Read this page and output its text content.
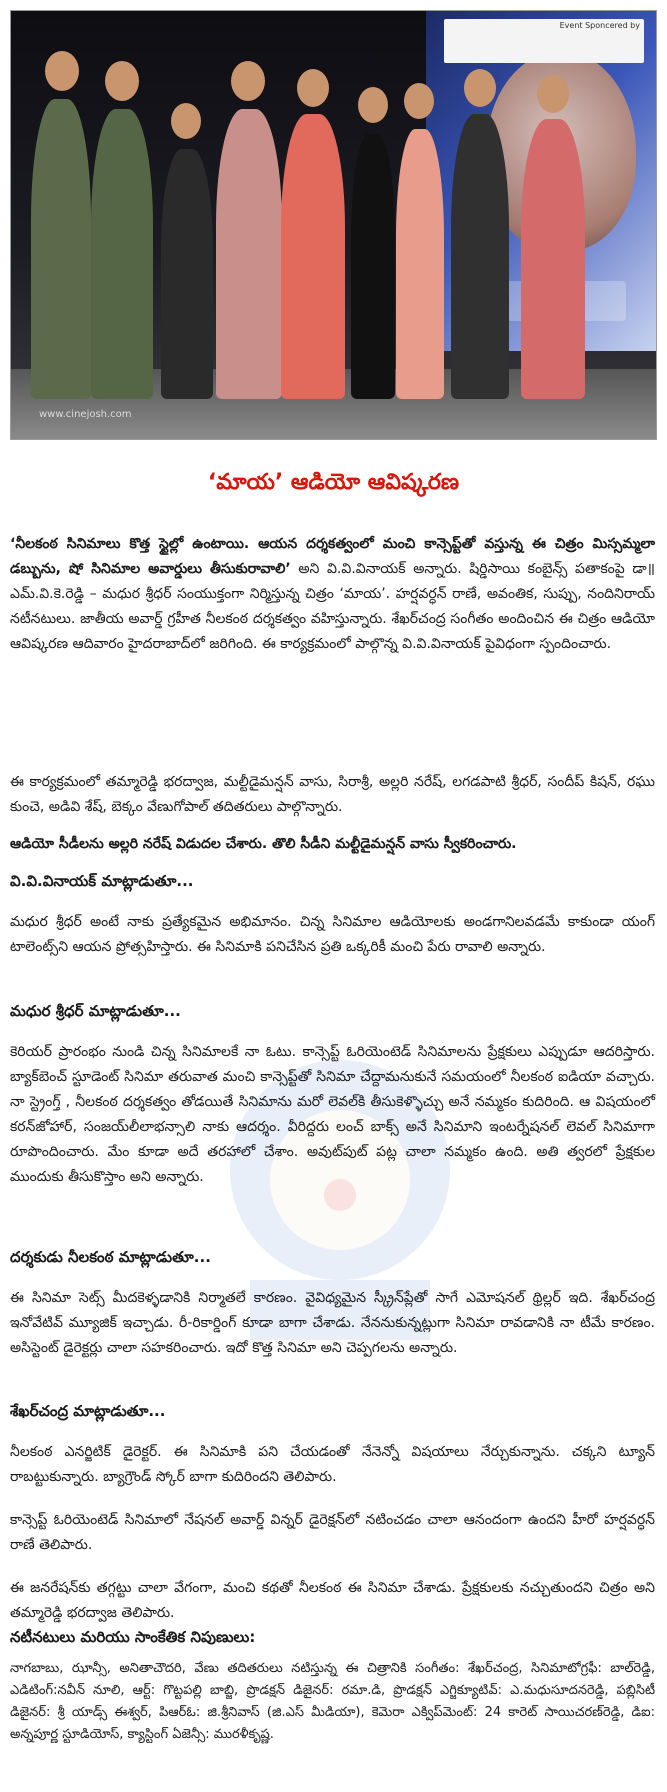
Event Sponcered by
www.cinejosh.com
‘మాయ’ ఆడియో ఆవిష్కరణ
‘నీలకంఠ సినిమాలు కొత్త స్టైల్లో ఉంటాయి. ఆయన దర్శకత్వంలో మంచి కాన్సెప్ట్‌తో వస్తున్న ఈ చిత్రం మిస్సమ్మలా డబ్బును, షో సినిమాల అవార్డులు తీసుకురావాలి’ అని వి.వి.వినాయక్‌ అన్నారు. షిర్డిసాయి కంబైన్స్‌ పతాకంపై డా॥ ఎమ్‌.వి.కె.రెడ్డి – మధుర శ్రీధర్‌ సంయుక్తంగా నిర్మిస్తున్న చిత్రం ‘మాయ’. హర్షవర్ధన్‌ రాణే, అవంతిక, సుప్పు, నందినిరాయ్‌ నటీనటులు. జాతీయ అవార్డ్‌ గ్రహీత నీలకంఠ దర్శకత్వం వహిస్తున్నారు. శేఖర్‌చంద్ర సంగీతం అందించిన ఈ చిత్రం ఆడియో ఆవిష్కరణ ఆదివారం హైదరాబాద్‌లో జరిగింది. ఈ కార్యక్రమంలో పాల్గొన్న వి.వి.వినాయక్‌ పైవిధంగా స్పందించారు.
ఈ కార్యక్రమంలో తమ్మారెడ్డి భరద్వాజ, మల్టీడైమన్షన్‌ వాసు, సిరాశ్రీ, అల్లరి నరేష్‌, లగడపాటి శ్రీధర్‌, సందీప్‌ కిషన్‌, రఘు కుంచె, అడివి శేష్‌, బెక్కం వేణుగోపాల్‌ తదితరులు పాల్గొన్నారు.
ఆడియో సీడీలను అల్లరి నరేష్‌ విడుదల చేశారు. తొలి సీడీని మల్టీడైమన్షన్‌ వాసు స్వీకరించారు.
వి.వి.వినాయక్‌ మాట్లాడుతూ...
మధుర శ్రీధర్‌ అంటే నాకు ప్రత్యేకమైన అభిమానం. చిన్న సినిమాల ఆడియోలకు అండగానిలవడమే కాకుండా యంగ్‌ టాలెంట్స్‌ని ఆయన ప్రోత్సహిస్తారు. ఈ సినిమాకి పనిచేసిన ప్రతి ఒక్కరికీ మంచి పేరు రావాలి అన్నారు.
మధుర శ్రీధర్‌ మాట్లాడుతూ...
కెరియర్‌ ప్రారంభం నుండి చిన్న సినిమాలకే నా ఓటు. కాన్సెప్ట్‌ ఓరియెంటెడ్‌ సినిమాలను ప్రేక్షకులు ఎప్పుడూ ఆదరిస్తారు. బ్యాక్‌బెంచ్‌ స్టూడెంట్‌ సినిమా తరువాత మంచి కాన్సెప్ట్‌తో సినిమా చేద్దామనుకునే సమయంలో నీలకంఠ ఐడియా వచ్చారు. నా స్ట్రెంగ్త్‌ , నీలకంఠ దర్శకత్వం తోడయితే సినిమాను మరో లెవల్‌కి తీసుకెళ్ళొచ్చు అనే నమ్మకం కుదిరింది. ఆ విషయంలో కరన్‌జోహార్‌, సంజయ్‌లీలాభన్సాలి నాకు ఆదర్శం. వీరిద్దరు లంచ్‌ బాక్స్‌ అనే సినిమాని ఇంటర్నేషనల్‌ లెవల్‌ సినిమాగా రూపొందించారు. మేం కూడా అదే తరహాలో చేశాం. అవుట్‌పుట్‌ పట్ల చాలా నమ్మకం ఉంది. అతి త్వరలో ప్రేక్షకుల ముందుకు తీసుకొస్తాం అని అన్నారు.
దర్శకుడు నీలకంఠ మాట్లాడుతూ...
ఈ సినిమా సెట్స్‌ మీదకెళ్ళడానికి నిర్మాతలే కారణం. వైవిధ్యమైన స్క్రీన్‌ప్లేతో సాగే ఎమోషనల్‌ థ్రిల్లర్‌ ఇది. శేఖర్‌చంద్ర ఇనోవేటివ్‌ మ్యూజిక్‌ ఇచ్చాడు. రీ-రికార్డింగ్‌ కూడా బాగా చేశాడు. నేననుకున్నట్లుగా సినిమా రావడానికి నా టీమే కారణం. అసిస్టెంట్‌ డైరెక్టర్లు చాలా సహకరించారు. ఇదో కొత్త సినిమా అని చెప్పగలను అన్నారు.
శేఖర్‌చంద్ర మాట్లాడుతూ...
నీలకంఠ ఎనర్జిటిక్‌ డైరెక్టర్‌. ఈ సినిమాకి పని చేయడంతో నేనెన్నో విషయాలు నేర్చుకున్నాను. చక్కని ట్యూన్‌ రాబట్టుకున్నారు. బ్యాగ్రౌండ్‌ స్కోర్‌ బాగా కుదిరిందని తెలిపారు.
కాన్సెప్ట్‌ ఓరియెంటెడ్‌ సినిమాలో నేషనల్‌ అవార్డ్‌ విన్నర్‌ డైరెక్షన్‌లో నటించడం చాలా ఆనందంగా ఉందని హీరో హర్షవర్ధన్‌ రాణే తెలిపారు.
ఈ జనరేషన్‌కు తగ్గట్టు చాలా వేగంగా, మంచి కథతో నీలకంఠ ఈ సినిమా చేశాడు. ప్రేక్షకులకు నచ్చుతుందని చిత్రం అని తమ్మారెడ్డి భరద్వాజ తెలిపారు.
నటీనటులు మరియు సాంకేతిక నిపుణులు:
నాగబాబు, ఝాన్సీ, అనితాచౌదరి, వేణు తదితరులు నటిస్తున్న ఈ చిత్రానికి సంగీతం: శేఖర్‌చంద్ర, సినిమాటోగ్రఫీ: బాల్‌రెడ్డి, ఎడిటింగ్‌:నవీన్‌ నూలి, ఆర్ట్‌: గొట్టపల్లి బాబ్జి, ప్రొడక్షన్‌ డిజైనర్‌: రమా.డి, ప్రొడక్షన్‌ ఎగ్జిక్యూటివ్‌: ఎ.మధుసూదనరెడ్డి, పబ్లిసిటీ డిజైనర్‌: శ్రీ యాడ్స్‌ ఈశ్వర్‌, పిఆర్‌ఓ: జి.శ్రీనివాస్‌ (జి.ఎస్‌ మీడియా), కెమెరా ఎక్విప్‌మెంట్‌: 24 కారెట్‌ సాయిచరణ్‌రెడ్డి, డిఐ: అన్నపూర్ణ స్టూడియోస్‌, క్యాస్టింగ్‌ ఏజెన్సీ: మురళీకృష్ణ.
